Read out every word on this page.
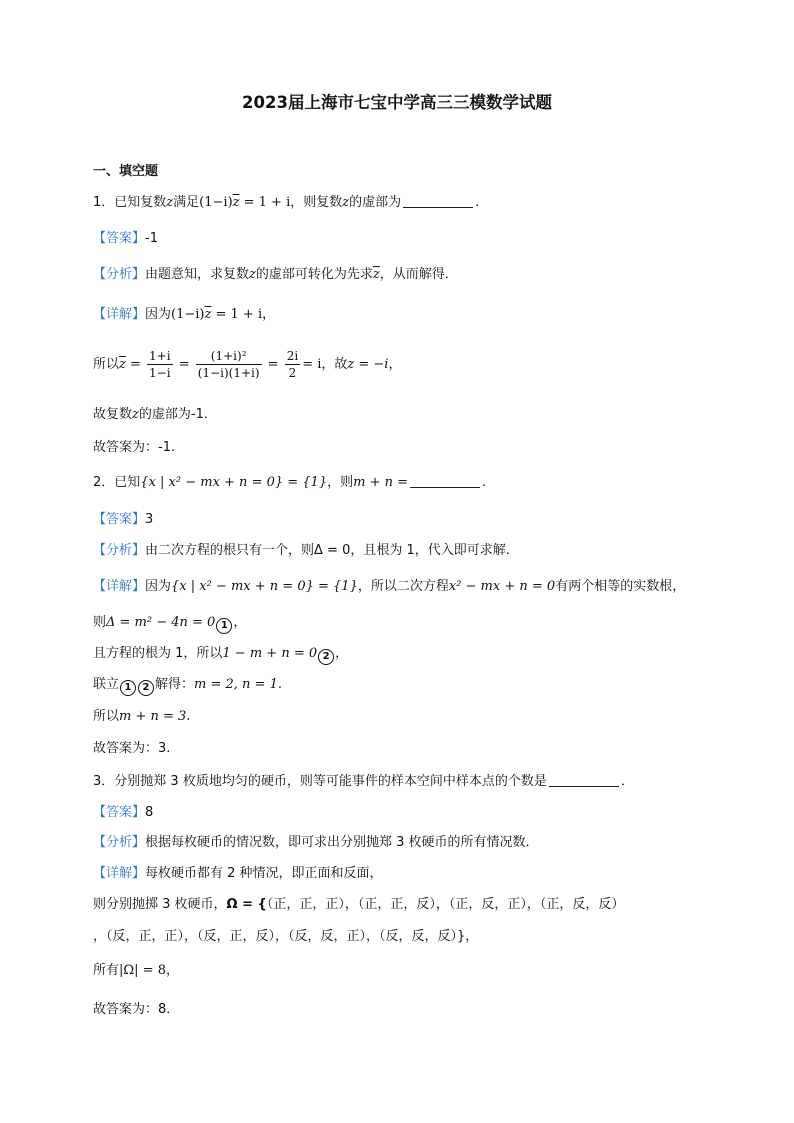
2023届上海市七宝中学高三三模数学试题
一、填空题
1．已知复数z满足$(1-i)\overline{z} = 1 + i$，则复数z的虚部为	.
【答案】-1
【分析】由题意知，求复数z的虚部可转化为先求$\overline{z}$，从而解得．
【详解】因为$(1-i)\overline{z} = 1 + i$，
所以$\overline{z} = \frac{1+i}{1-i} = \frac{\text{(1+i)²}}{(1-i)(1+i)} = \frac{2i}{2} = i$，故z = −i，
故复数z的虚部为-1．
故答案为：-1.
2．已知{x | x² − mx + n = 0} = {1}，则m + n =	.
【答案】3
【分析】由二次方程的根只有一个，则Δ = 0，且根为 1，代入即可求解.
【详解】因为{x | x² − mx + n = 0} = {1}，所以二次方程x² − mx + n = 0有两个相等的实数根，
则Δ = m² − 4n = 0 1 ，
且方程的根为 1，所以1 − m + n = 0 2 ，
联立 1 2 解得：m = 2, n = 1.
所以m + n = 3.
故答案为：3.
3．分别抛郑 3 枚质地均匀的硬币，则等可能事件的样本空间中样本点的个数是	．
【答案】8
【分析】根据每枚硬币的情况数，即可求出分别抛郑 3 枚硬币的所有情况数．
【详解】每枚硬币都有 2 种情况，即正面和反面，
则分别抛掷 3 枚硬币，Ω = {（正，正，正），（正，正，反），（正，反，正），（正，反，反）
，（反，正，正），（反，正，反），（反，反，正），（反，反，反）}，
所有|Ω| = 8，
故答案为：8．
